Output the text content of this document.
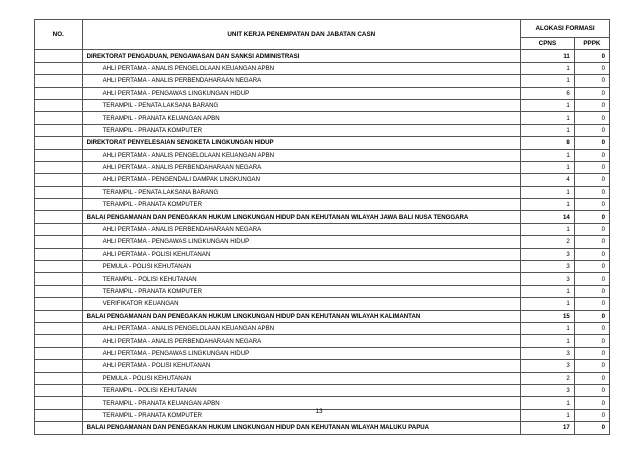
NO.	UNIT KERJA PENEMPATAN DAN JABATAN CASN	ALOKASI FORMASI	
		CPNS	PPPK
	DIREKTORAT PENGADUAN, PENGAWASAN DAN SANKSI ADMINISTRASI	11	0
	AHLI PERTAMA - ANALIS PENGELOLAAN KEUANGAN APBN	1	0
	AHLI PERTAMA - ANALIS PERBENDAHARAAN NEGARA	1	0
	AHLI PERTAMA - PENGAWAS LINGKUNGAN HIDUP	6	0
	TERAMPIL - PENATA LAKSANA BARANG	1	0
	TERAMPIL - PRANATA KEUANGAN APBN	1	0
	TERAMPIL - PRANATA KOMPUTER	1	0
	DIREKTORAT PENYELESAIAN SENGKETA LINGKUNGAN HIDUP	8	0
	AHLI PERTAMA - ANALIS PENGELOLAAN KEUANGAN APBN	1	0
	AHLI PERTAMA - ANALIS PERBENDAHARAAN NEGARA	1	0
	AHLI PERTAMA - PENGENDALI DAMPAK LINGKUNGAN	4	0
	TERAMPIL - PENATA LAKSANA BARANG	1	0
	TERAMPIL - PRANATA KOMPUTER	1	0
	BALAI PENGAMANAN DAN PENEGAKAN HUKUM LINGKUNGAN HIDUP DAN KEHUTANAN WILAYAH JAWA BALI NUSA TENGGARA	14	0
	AHLI PERTAMA - ANALIS PERBENDAHARAAN NEGARA	1	0
	AHLI PERTAMA - PENGAWAS LINGKUNGAN HIDUP	2	0
	AHLI PERTAMA - POLISI KEHUTANAN	3	0
	PEMULA - POLISI KEHUTANAN	3	0
	TERAMPIL - POLISI KEHUTANAN	3	0
	TERAMPIL - PRANATA KOMPUTER	1	0
	VERIFIKATOR KEUANGAN	1	0
	BALAI PENGAMANAN DAN PENEGAKAN HUKUM LINGKUNGAN HIDUP DAN KEHUTANAN WILAYAH KALIMANTAN	15	0
	AHLI PERTAMA - ANALIS PENGELOLAAN KEUANGAN APBN	1	0
	AHLI PERTAMA - ANALIS PERBENDAHARAAN NEGARA	1	0
	AHLI PERTAMA - PENGAWAS LINGKUNGAN HIDUP	3	0
	AHLI PERTAMA - POLISI KEHUTANAN	3	0
	PEMULA - POLISI KEHUTANAN	2	0
	TERAMPIL - POLISI KEHUTANAN	3	0
	TERAMPIL - PRANATA KEUANGAN APBN	1	0
	TERAMPIL - PRANATA KOMPUTER	1	0
	BALAI PENGAMANAN DAN PENEGAKAN HUKUM LINGKUNGAN HIDUP DAN KEHUTANAN WILAYAH MALUKU PAPUA	17	0
13
